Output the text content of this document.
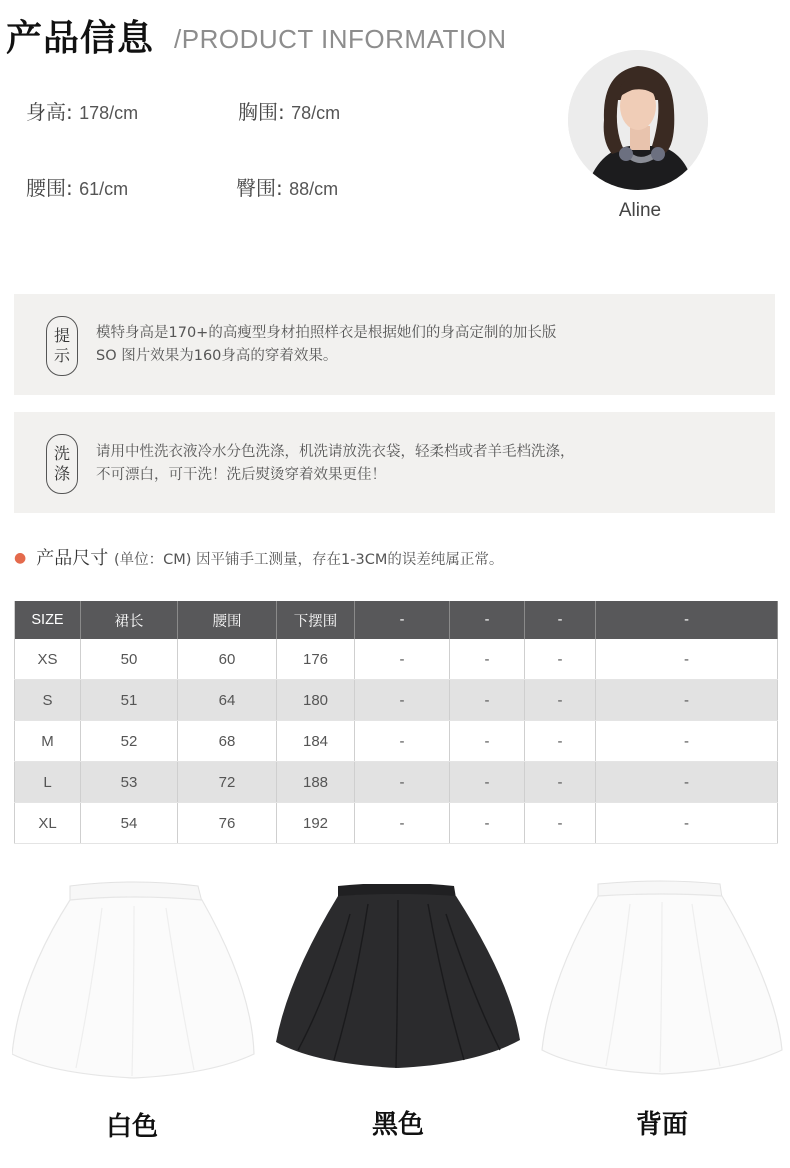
产品信息 /PRODUCT INFORMATION
身高: 178/cm	胸围: 78/cm
腰围: 61/cm	臀围: 88/cm
Aline
提
示
模特身高是170+的高瘦型身材拍照样衣是根据她们的身高定制的加长版
SO 图片效果为160身高的穿着效果。
洗
涤
请用中性洗衣液冷水分色洗涤，机洗请放洗衣袋，轻柔档或者羊毛档洗涤，
不可漂白，可干洗！洗后熨烫穿着效果更佳！
● 产品尺寸 (单位：CM) 因平铺手工测量，存在1-3CM的误差纯属正常。
SIZE	裙长	腰围	下摆围	-	-	-	-
XS	50	60	176	-	-	-	-
S	51	64	180	-	-	-	-
M	52	68	184	-	-	-	-
L	53	72	188	-	-	-	-
XL	54	76	192	-	-	-	-
白色	黑色	背面
